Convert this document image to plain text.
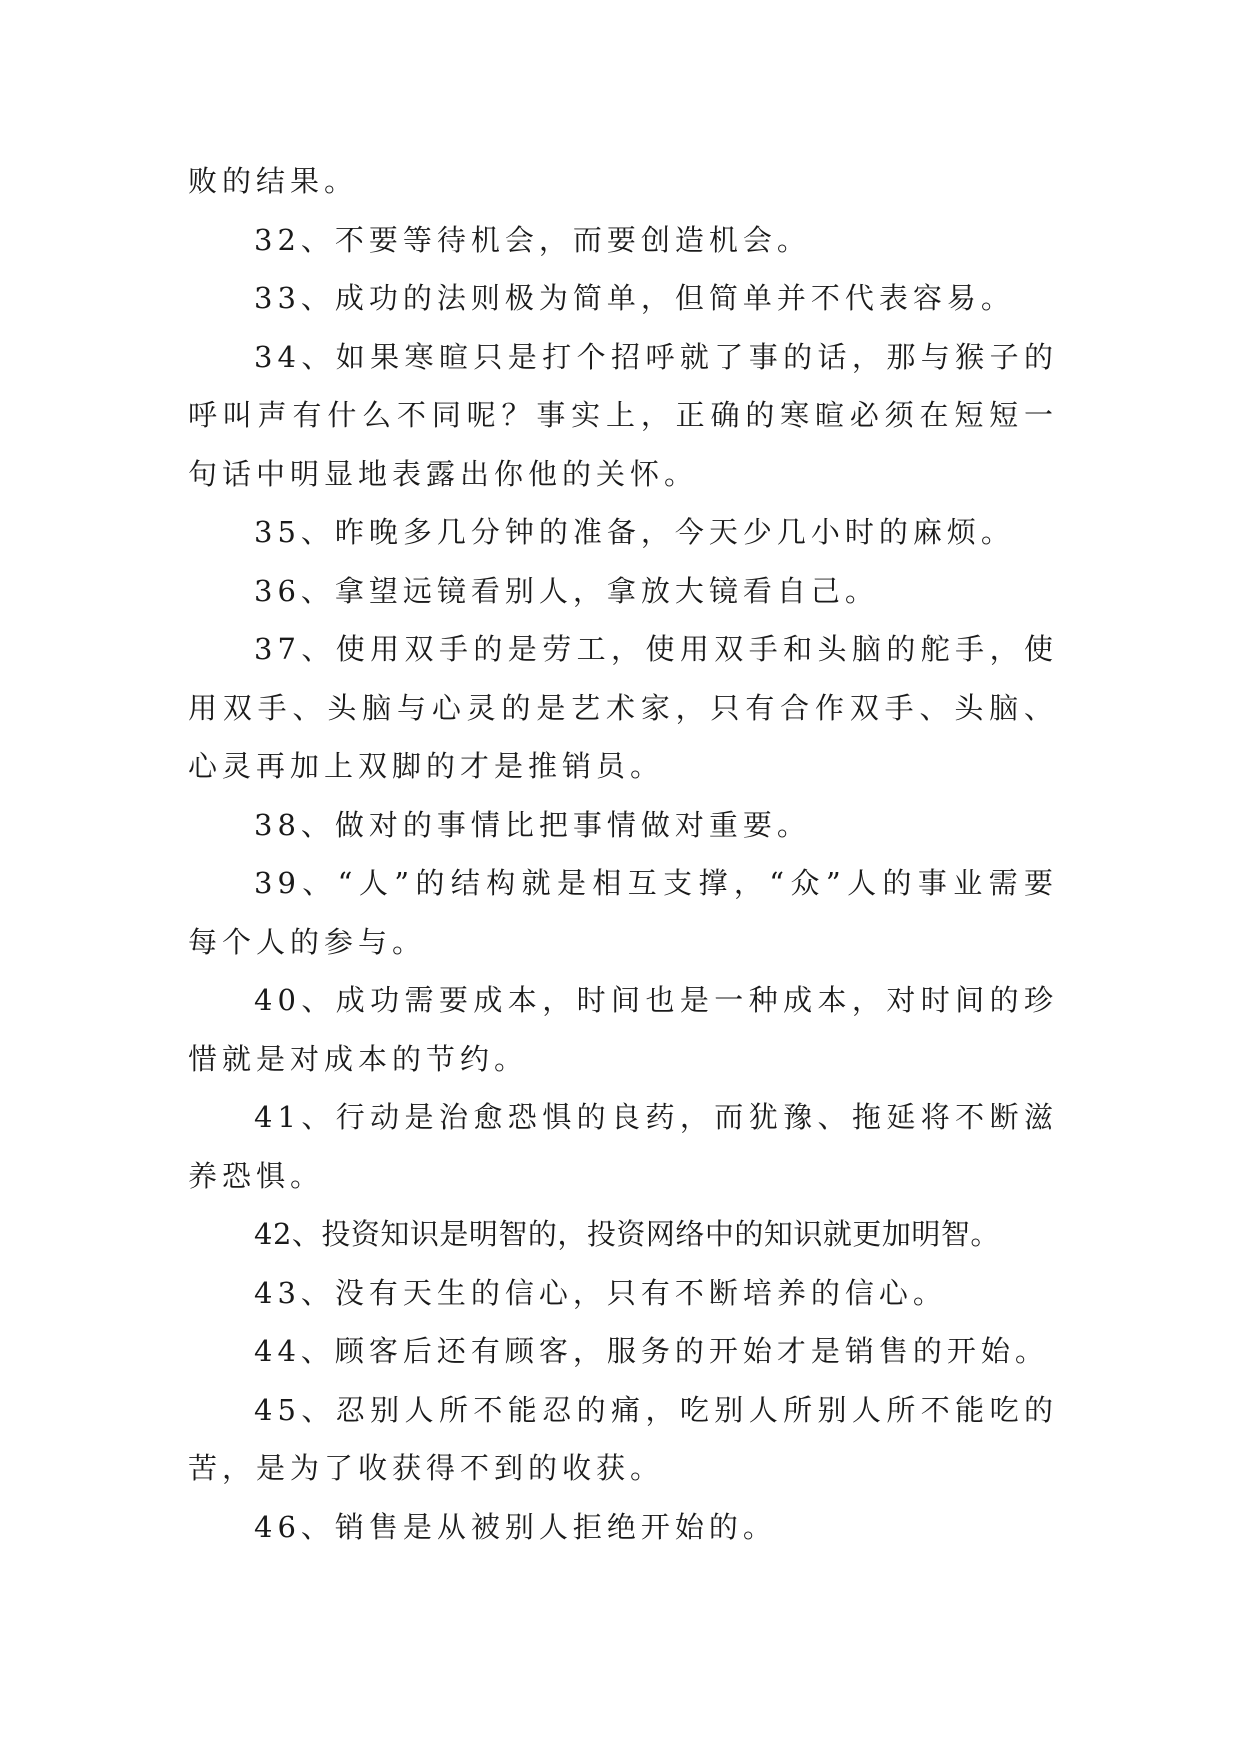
败的结果。

32、不要等待机会，而要创造机会。

33、成功的法则极为简单，但简单并不代表容易。

34、如果寒暄只是打个招呼就了事的话，那与猴子的呼叫声有什么不同呢？事实上，正确的寒暄必须在短短一句话中明显地表露出你他的关怀。

35、昨晚多几分钟的准备，今天少几小时的麻烦。

36、拿望远镜看别人，拿放大镜看自己。

37、使用双手的是劳工，使用双手和头脑的舵手，使用双手、头脑与心灵的是艺术家，只有合作双手、头脑、心灵再加上双脚的才是推销员。

38、做对的事情比把事情做对重要。

39、“人”的结构就是相互支撑，“众”人的事业需要每个人的参与。

40、成功需要成本，时间也是一种成本，对时间的珍惜就是对成本的节约。

41、行动是治愈恐惧的良药，而犹豫、拖延将不断滋养恐惧。

42、投资知识是明智的，投资网络中的知识就更加明智。

43、没有天生的信心，只有不断培养的信心。

44、顾客后还有顾客，服务的开始才是销售的开始。

45、忍别人所不能忍的痛，吃别人所别人所不能吃的苦，是为了收获得不到的收获。

46、销售是从被别人拒绝开始的。
